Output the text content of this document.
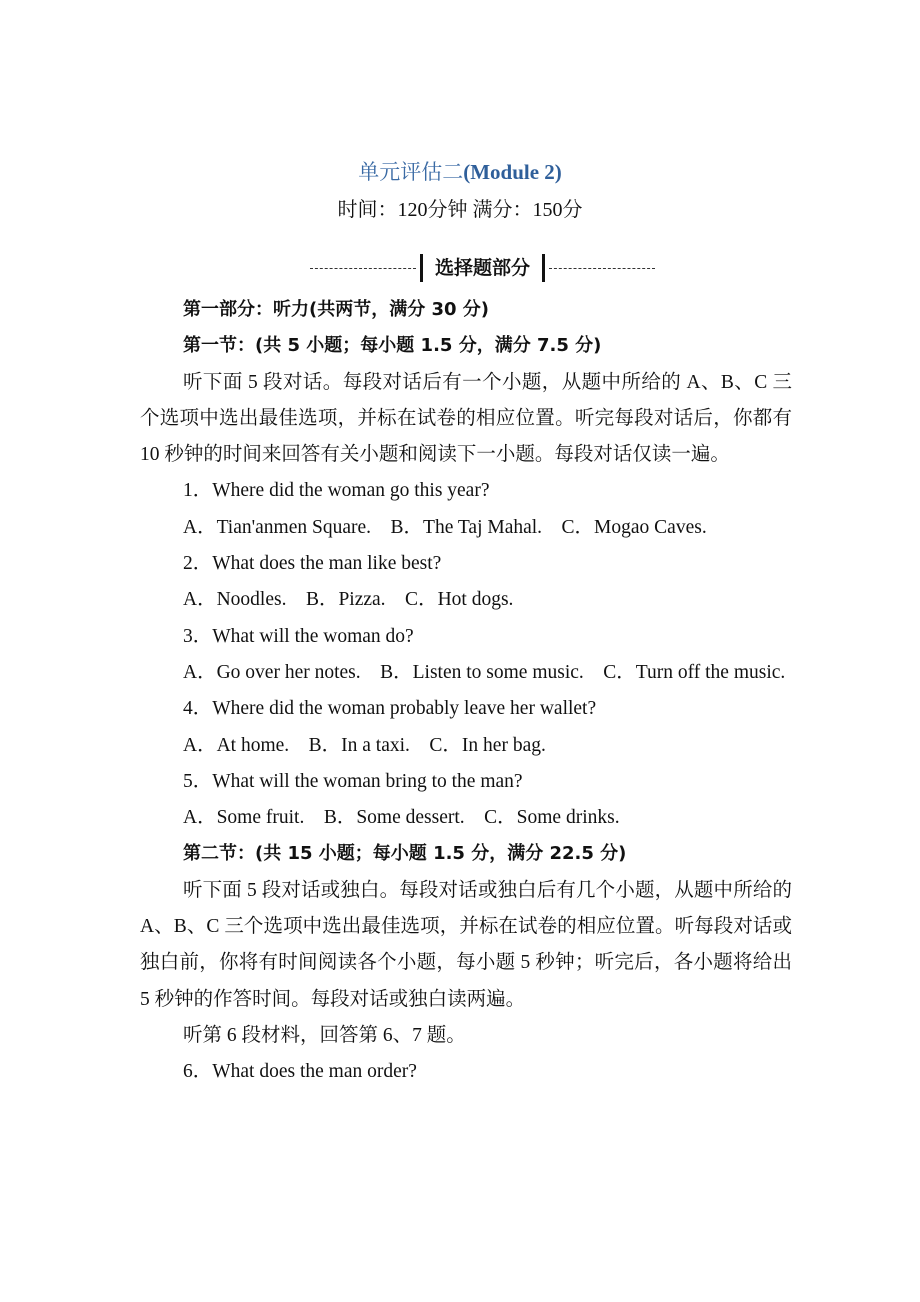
单元评估二(Module 2)
时间：120分钟 满分：150分
选择题部分

第一部分：听力(共两节，满分 30 分)

第一节：(共 5 小题；每小题 1.5 分，满分 7.5 分)

听下面 5 段对话。每段对话后有一个小题，从题中所给的 A、B、C 三个选项中选出最佳选项，并标在试卷的相应位置。听完每段对话后，你都有 10 秒钟的时间来回答有关小题和阅读下一小题。每段对话仅读一遍。

1．Where did the woman go this year?

A．Tian'anmen Square.    B．The Taj Mahal.    C．Mogao Caves.

2．What does the man like best?

A．Noodles.    B．Pizza.    C．Hot dogs.

3．What will the woman do?

A．Go over her notes.    B．Listen to some music.    C．Turn off the music.

4．Where did the woman probably leave her wallet?

A．At home.    B．In a taxi.    C．In her bag.

5．What will the woman bring to the man?

A．Some fruit.    B．Some dessert.    C．Some drinks.

第二节：(共 15 小题；每小题 1.5 分，满分 22.5 分)

听下面 5 段对话或独白。每段对话或独白后有几个小题，从题中所给的 A、B、C 三个选项中选出最佳选项，并标在试卷的相应位置。听每段对话或独白前，你将有时间阅读各个小题，每小题 5 秒钟；听完后，各小题将给出 5 秒钟的作答时间。每段对话或独白读两遍。

听第 6 段材料，回答第 6、7 题。

6．What does the man order?
